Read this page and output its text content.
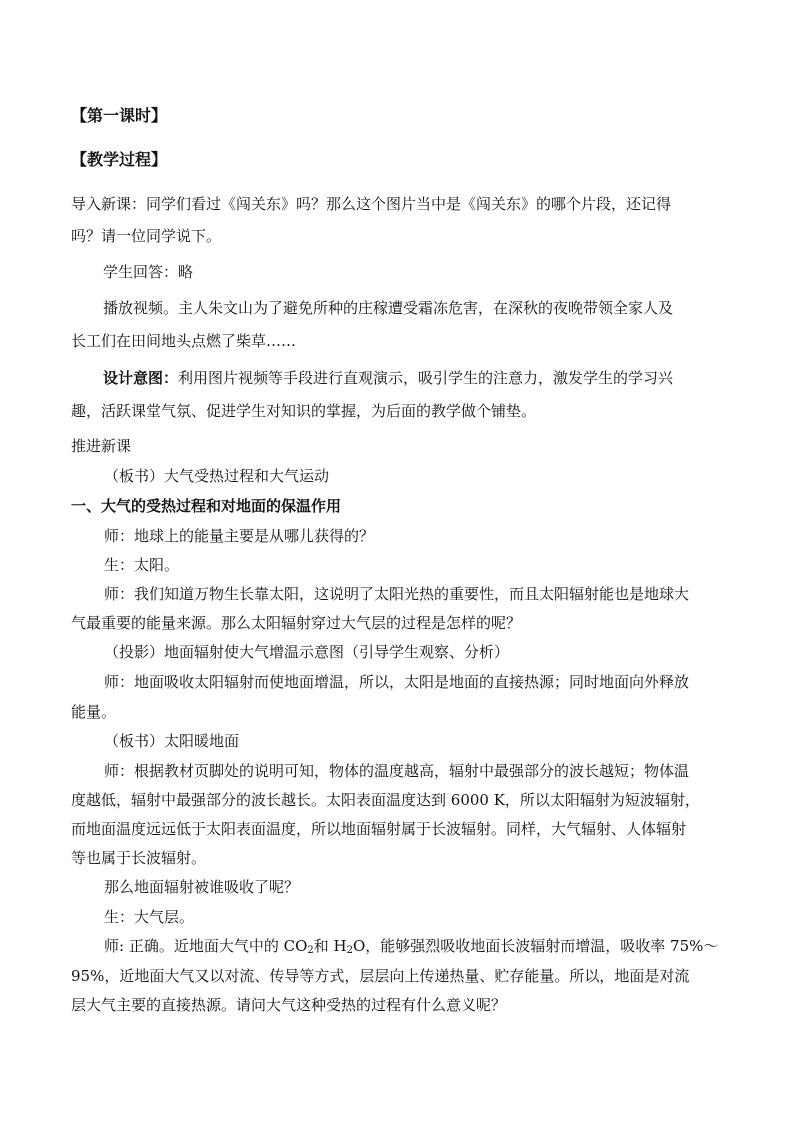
【第一课时】
【教学过程】
导入新课：同学们看过《闯关东》吗？那么这个图片当中是《闯关东》的哪个片段，还记得
吗？请一位同学说下。
学生回答：略
播放视频。主人朱文山为了避免所种的庄稼遭受霜冻危害，在深秋的夜晚带领全家人及
长工们在田间地头点燃了柴草……
设计意图：利用图片视频等手段进行直观演示，吸引学生的注意力，激发学生的学习兴
趣，活跃课堂气氛、促进学生对知识的掌握，为后面的教学做个铺垫。
推进新课
（板书）大气受热过程和大气运动
一、大气的受热过程和对地面的保温作用
师：地球上的能量主要是从哪儿获得的？
生：太阳。
师：我们知道万物生长靠太阳，这说明了太阳光热的重要性，而且太阳辐射能也是地球大
气最重要的能量来源。那么太阳辐射穿过大气层的过程是怎样的呢？
（投影）地面辐射使大气增温示意图（引导学生观察、分析）
师：地面吸收太阳辐射而使地面增温，所以，太阳是地面的直接热源；同时地面向外释放
能量。
（板书）太阳暖地面
师：根据教材页脚处的说明可知，物体的温度越高，辐射中最强部分的波长越短；物体温
度越低，辐射中最强部分的波长越长。太阳表面温度达到 6000 K，所以太阳辐射为短波辐射，
而地面温度远远低于太阳表面温度，所以地面辐射属于长波辐射。同样，大气辐射、人体辐射
等也属于长波辐射。
那么地面辐射被谁吸收了呢？
生：大气层。
师: 正确。近地面大气中的 $CO_2$和 $H_2O$，能够强烈吸收地面长波辐射而增温，吸收率 75%～
95%，近地面大气又以对流、传导等方式，层层向上传递热量、贮存能量。所以，地面是对流
层大气主要的直接热源。请问大气这种受热的过程有什么意义呢？
